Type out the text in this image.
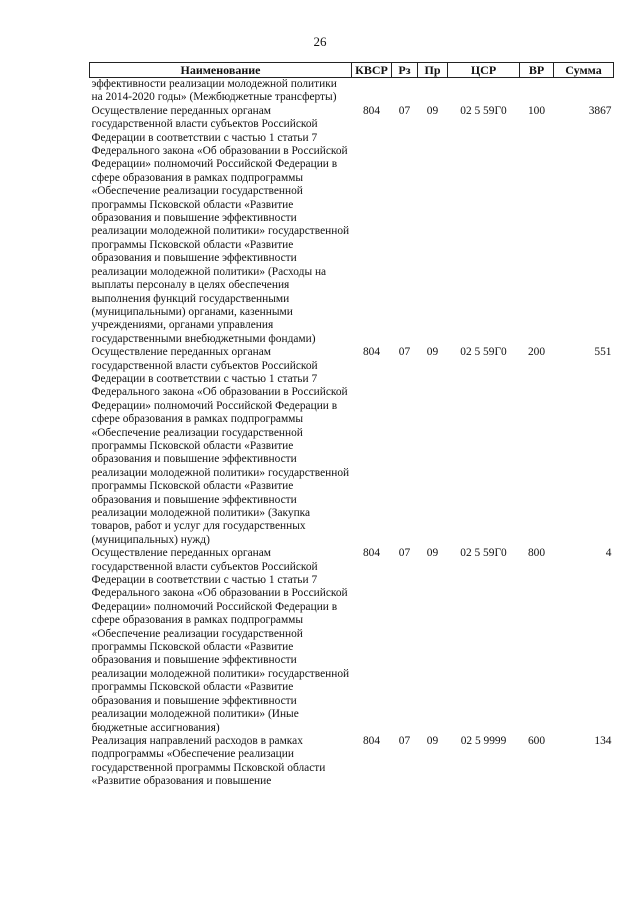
26
Наименование	КВСР	Рз	Пр	ЦСР	ВР	Сумма
эффективности реализации молодежной политики на 2014-2020 годы» (Межбюджетные трансферты)						
Осуществление переданных органам государственной власти субъектов Российской Федерации в соответствии с частью 1 статьи 7 Федерального закона «Об образовании в Российской Федерации» полномочий Российской Федерации в сфере образования в рамках подпрограммы «Обеспечение реализации государственной программы Псковской области «Развитие образования и повышение эффективности реализации молодежной политики» государственной программы Псковской области «Развитие образования и повышение эффективности реализации молодежной политики» (Расходы на выплаты персоналу в целях обеспечения выполнения функций государственными (муниципальными) органами, казенными учреждениями, органами управления государственными внебюджетными фондами)	804	07	09	02 5 59Г0	100	3867
Осуществление переданных органам государственной власти субъектов Российской Федерации в соответствии с частью 1 статьи 7 Федерального закона «Об образовании в Российской Федерации» полномочий Российской Федерации в сфере образования в рамках подпрограммы «Обеспечение реализации государственной программы Псковской области «Развитие образования и повышение эффективности реализации молодежной политики» государственной программы Псковской области «Развитие образования и повышение эффективности реализации молодежной политики» (Закупка товаров, работ и услуг для государственных (муниципальных) нужд)	804	07	09	02 5 59Г0	200	551
Осуществление переданных органам государственной власти субъектов Российской Федерации в соответствии с частью 1 статьи 7 Федерального закона «Об образовании в Российской Федерации» полномочий Российской Федерации в сфере образования в рамках подпрограммы «Обеспечение реализации государственной программы Псковской области «Развитие образования и повышение эффективности реализации молодежной политики» государственной программы Псковской области «Развитие образования и повышение эффективности реализации молодежной политики» (Иные бюджетные ассигнования)	804	07	09	02 5 59Г0	800	4
Реализация направлений расходов в рамках подпрограммы «Обеспечение реализации государственной программы Псковской области «Развитие образования и повышение	804	07	09	02 5 9999	600	134
